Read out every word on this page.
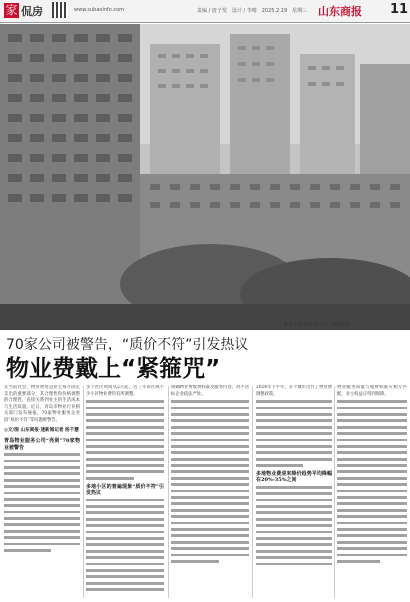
家 侃房	www.subaoinfo.com	责编 / 唐子斐　设计 / 李晴　2025.2.19　星期三 山东商报 11
青岛市某物业费公示（资料图）
70家公司被警告，“质价不符”引发热议
物业费戴上“紧箍咒”
在当前社会，物业费用是业主每月固定支出的重要部分，其合理性和价格调整的合理性，直接关系到业主的生活成本与生活质量。近日，青岛市物业行业相关部门发布通报，70家物业服务企业因“质价不符”等问题被警告。
◎文/图 山东商报·速新闻记者 杨千慧
青岛物业服务公司“亮剑”70家物业被警告
多个社区时间从2月起，近三年该区域不少小区物业费均有所调整。
多地小区的普遍现象“质价不符”引发热议
明确物业费收费标准及服务内容，对不达标企业依法严处。
2024年下半年，多个城市出台了物业费调整政策。
多地物业费迎来降价趋势平均降幅在20%-35%之间
物业服务质量与收费标准应相互匹配，业主权益应得到保障。
